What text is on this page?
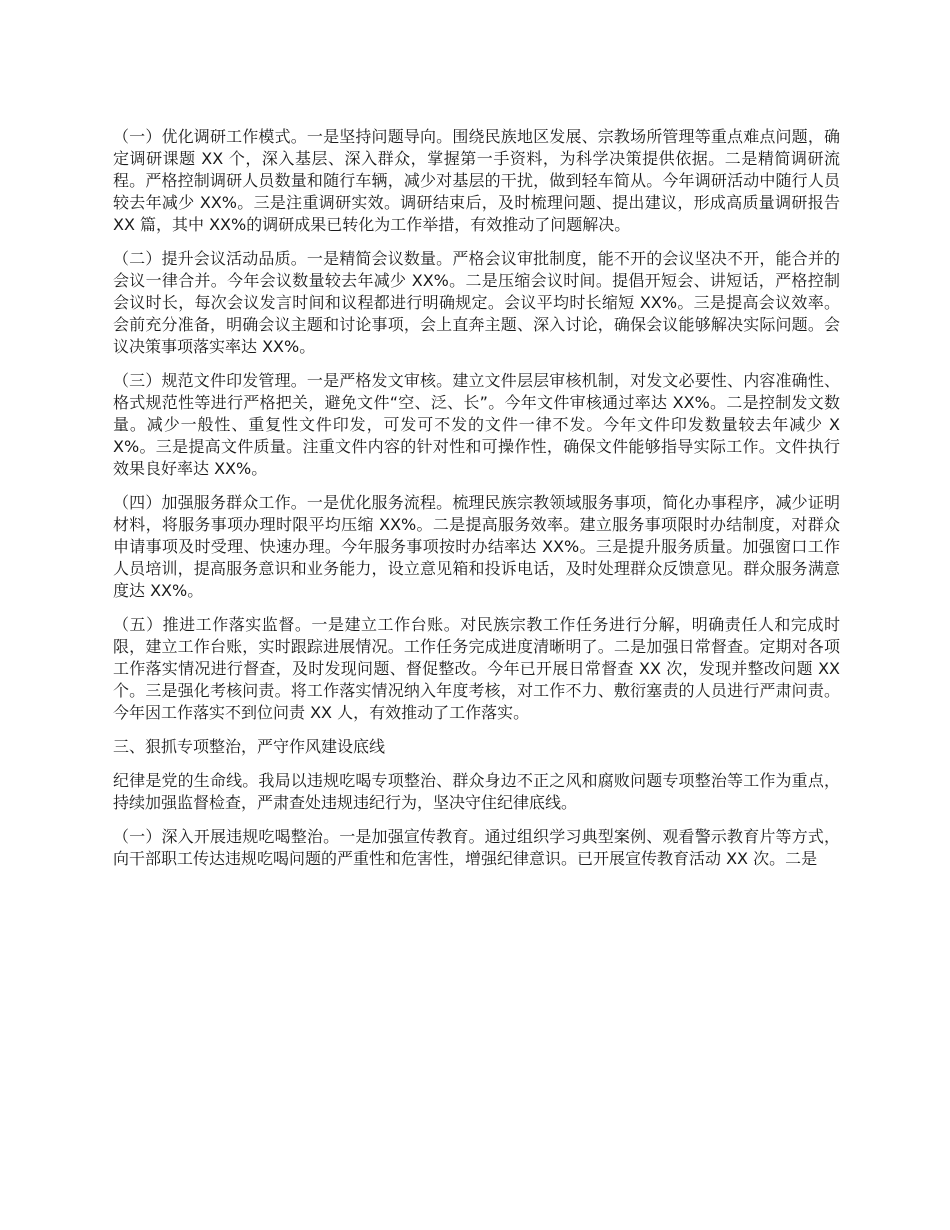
（一）优化调研工作模式。一是坚持问题导向。围绕民族地区发展、宗教场所管理等重点难点问题，确定调研课题 XX 个，深入基层、深入群众，掌握第一手资料，为科学决策提供依据。二是精简调研流程。严格控制调研人员数量和随行车辆，减少对基层的干扰，做到轻车简从。今年调研活动中随行人员较去年减少 XX%。三是注重调研实效。调研结束后，及时梳理问题、提出建议，形成高质量调研报告 XX 篇，其中 XX%的调研成果已转化为工作举措，有效推动了问题解决。

（二）提升会议活动品质。一是精简会议数量。严格会议审批制度，能不开的会议坚决不开，能合并的会议一律合并。今年会议数量较去年减少 XX%。二是压缩会议时间。提倡开短会、讲短话，严格控制会议时长，每次会议发言时间和议程都进行明确规定。会议平均时长缩短 XX%。三是提高会议效率。会前充分准备，明确会议主题和讨论事项，会上直奔主题、深入讨论，确保会议能够解决实际问题。会议决策事项落实率达 XX%。

（三）规范文件印发管理。一是严格发文审核。建立文件层层审核机制，对发文必要性、内容准确性、格式规范性等进行严格把关，避免文件“空、泛、长”。今年文件审核通过率达 XX%。二是控制发文数量。减少一般性、重复性文件印发，可发可不发的文件一律不发。今年文件印发数量较去年减少 XX%。三是提高文件质量。注重文件内容的针对性和可操作性，确保文件能够指导实际工作。文件执行效果良好率达 XX%。

（四）加强服务群众工作。一是优化服务流程。梳理民族宗教领域服务事项，简化办事程序，减少证明材料，将服务事项办理时限平均压缩 XX%。二是提高服务效率。建立服务事项限时办结制度，对群众申请事项及时受理、快速办理。今年服务事项按时办结率达 XX%。三是提升服务质量。加强窗口工作人员培训，提高服务意识和业务能力，设立意见箱和投诉电话，及时处理群众反馈意见。群众服务满意度达 XX%。

（五）推进工作落实监督。一是建立工作台账。对民族宗教工作任务进行分解，明确责任人和完成时限，建立工作台账，实时跟踪进展情况。工作任务完成进度清晰明了。二是加强日常督查。定期对各项工作落实情况进行督查，及时发现问题、督促整改。今年已开展日常督查 XX 次，发现并整改问题 XX 个。三是强化考核问责。将工作落实情况纳入年度考核，对工作不力、敷衍塞责的人员进行严肃问责。今年因工作落实不到位问责 XX 人，有效推动了工作落实。

三、狠抓专项整治，严守作风建设底线

纪律是党的生命线。我局以违规吃喝专项整治、群众身边不正之风和腐败问题专项整治等工作为重点，持续加强监督检查，严肃查处违规违纪行为，坚决守住纪律底线。

（一）深入开展违规吃喝整治。一是加强宣传教育。通过组织学习典型案例、观看警示教育片等方式，向干部职工传达违规吃喝问题的严重性和危害性，增强纪律意识。已开展宣传教育活动 XX 次。二是
